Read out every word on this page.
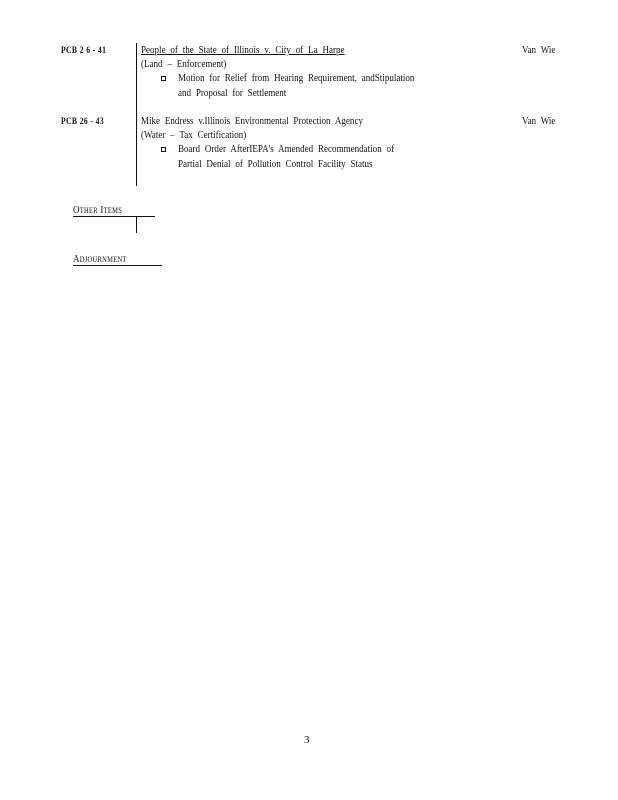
PCB 2 6 - 41	People of the State of Illinois v. City of La Harpe
(Land – Enforcement)
Motion for Relief from Hearing Requirement, andStipulation
and Proposal for Settlement
Van Wie
PCB 26 - 43	Mike Endress v.Illinois Environmental Protection Agency
(Water – Tax Certification)
Board Order AfterIEPA's Amended Recommendation of
Partial Denial of Pollution Control Facility Status
Van Wie
Other Items
Adjournment
3
